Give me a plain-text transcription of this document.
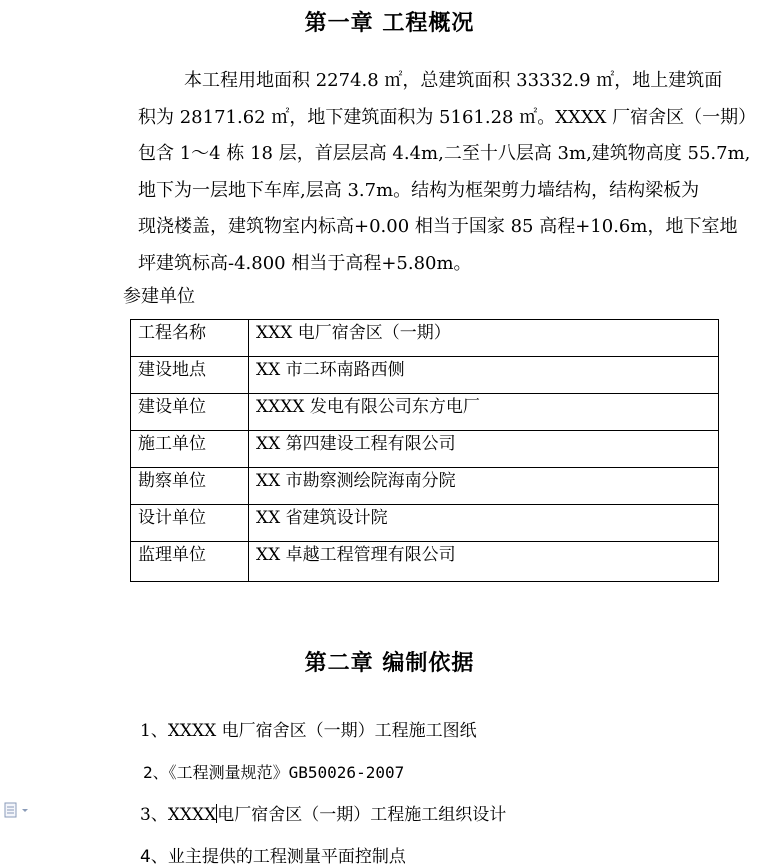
第一章 工程概况
本工程用地面积 2274.8 ㎡，总建筑面积 33332.9 ㎡，地上建筑面
积为 28171.62 ㎡，地下建筑面积为 5161.28 ㎡。XXXX 厂宿舍区（一期）
包含 1～4 栋 18 层，首层层高 4.4m,二至十八层高 3m,建筑物高度 55.7m,
地下为一层地下车库,层高 3.7m。结构为框架剪力墙结构，结构梁板为
现浇楼盖，建筑物室内标高+0.00 相当于国家 85 高程+10.6m，地下室地
坪建筑标高-4.800 相当于高程+5.80m。
参建单位
工程名称	XXX 电厂宿舍区（一期）
建设地点	XX 市二环南路西侧
建设单位	XXXX 发电有限公司东方电厂
施工单位	XX 第四建设工程有限公司
勘察单位	XX 市勘察测绘院海南分院
设计单位	XX 省建筑设计院
监理单位	XX 卓越工程管理有限公司
第二章 编制依据
1、XXXX 电厂宿舍区（一期）工程施工图纸
2、《工程测量规范》GB50026-2007
3、XXXX电厂宿舍区（一期）工程施工组织设计
4、业主提供的工程测量平面控制点
